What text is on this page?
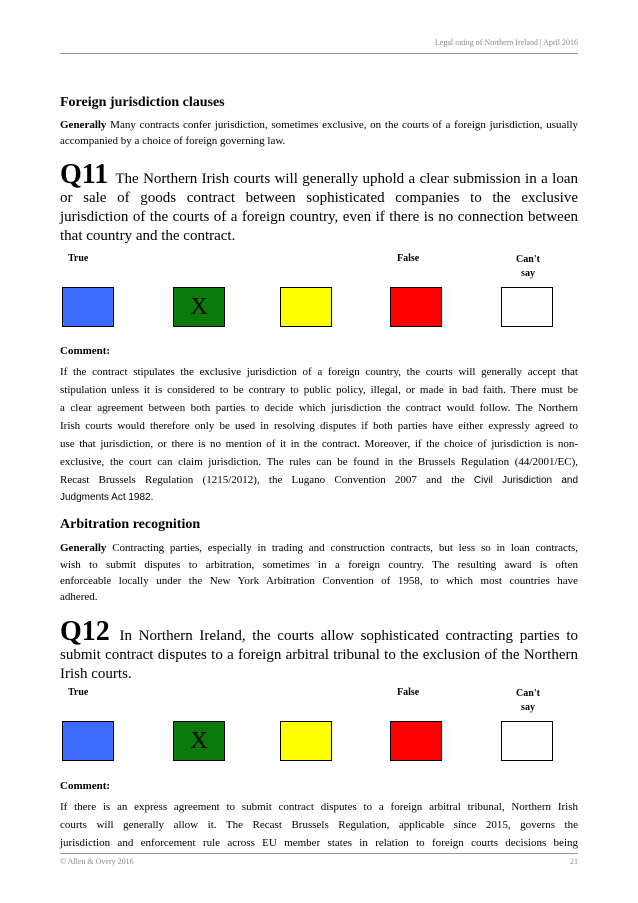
Legal rating of Northern Ireland | April 2016
Foreign jurisdiction clauses
Generally Many contracts confer jurisdiction, sometimes exclusive, on the courts of a foreign jurisdiction, usually accompanied by a choice of foreign governing law.
Q11 The Northern Irish courts will generally uphold a clear submission in a loan or sale of goods contract between sophisticated companies to the exclusive jurisdiction of the courts of a foreign country, even if there is no connection between that country and the contract.
True	False	Can't
say
X
Comment:
If the contract stipulates the exclusive jurisdiction of a foreign country, the courts will generally accept that
stipulation unless it is considered to be contrary to public policy, illegal, or made in bad faith. There must be
a clear agreement between both parties to decide which jurisdiction the contract would follow. The Northern
Irish courts would therefore only be used in resolving disputes if both parties have either expressly agreed to
use that jurisdiction, or there is no mention of it in the contract. Moreover, if the choice of jurisdiction is non-
exclusive, the court can claim jurisdiction. The rules can be found in the Brussels Regulation (44/2001/EC),
Recast Brussels Regulation (1215/2012), the Lugano Convention 2007 and the Civil Jurisdiction and
Judgments Act 1982.
Arbitration recognition
Generally Contracting parties, especially in trading and construction contracts, but less so in loan contracts,
wish to submit disputes to arbitration, sometimes in a foreign country. The resulting award is often
enforceable locally under the New York Arbitration Convention of 1958, to which most countries have
adhered.
Q12 In Northern Ireland, the courts allow sophisticated contracting parties to submit contract disputes to a foreign arbitral tribunal to the exclusion of the Northern Irish courts.
True	False	Can't
say
X
Comment:
If there is an express agreement to submit contract disputes to a foreign arbitral tribunal, Northern Irish
courts will generally allow it. The Recast Brussels Regulation, applicable since 2015, governs the
jurisdiction and enforcement rule across EU member states in relation to foreign courts decisions being
© Allen & Overy 2016	21
